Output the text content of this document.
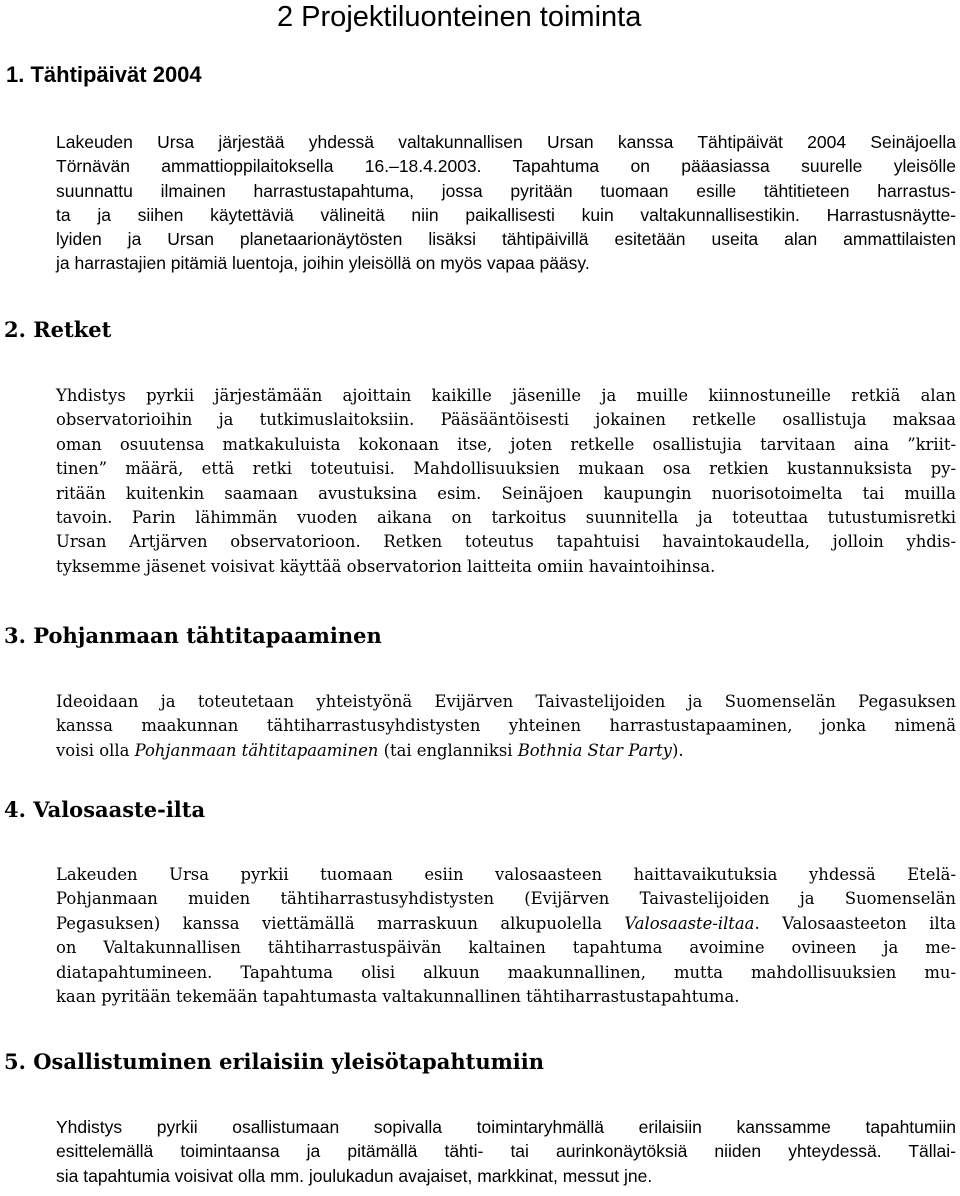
2 Projektiluonteinen toiminta
1. Tähtipäivät 2004
Lakeuden Ursa järjestää yhdessä valtakunnallisen Ursan kanssa Tähtipäivät 2004 Seinäjoella
Törnävän ammattioppilaitoksella 16.–18.4.2003. Tapahtuma on pääasiassa suurelle yleisölle
suunnattu ilmainen harrastustapahtuma, jossa pyritään tuomaan esille tähtitieteen harrastus-
ta ja siihen käytettäviä välineitä niin paikallisesti kuin valtakunnallisestikin. Harrastusnäytte-
lyiden ja Ursan planetaarionäytösten lisäksi tähtipäivillä esitetään useita alan ammattilaisten
ja harrastajien pitämiä luentoja, joihin yleisöllä on myös vapaa pääsy.
2. Retket
Yhdistys pyrkii järjestämään ajoittain kaikille jäsenille ja muille kiinnostuneille retkiä alan
observatorioihin ja tutkimuslaitoksiin. Pääsääntöisesti jokainen retkelle osallistuja maksaa
oman osuutensa matkakuluista kokonaan itse, joten retkelle osallistujia tarvitaan aina ”kriit-
tinen” määrä, että retki toteutuisi. Mahdollisuuksien mukaan osa retkien kustannuksista py-
ritään kuitenkin saamaan avustuksina esim. Seinäjoen kaupungin nuorisotoimelta tai muilla
tavoin. Parin lähimmän vuoden aikana on tarkoitus suunnitella ja toteuttaa tutustumisretki
Ursan Artjärven observatorioon. Retken toteutus tapahtuisi havaintokaudella, jolloin yhdis-
tyksemme jäsenet voisivat käyttää observatorion laitteita omiin havaintoihinsa.
3. Pohjanmaan tähtitapaaminen
Ideoidaan ja toteutetaan yhteistyönä Evijärven Taivastelijoiden ja Suomenselän Pegasuksen
kanssa maakunnan tähtiharrastusyhdistysten yhteinen harrastustapaaminen, jonka nimenä
voisi olla Pohjanmaan tähtitapaaminen (tai englanniksi Bothnia Star Party).
4. Valosaaste-ilta
Lakeuden Ursa pyrkii tuomaan esiin valosaasteen haittavaikutuksia yhdessä Etelä-
Pohjanmaan muiden tähtiharrastusyhdistysten (Evijärven Taivastelijoiden ja Suomenselän
Pegasuksen) kanssa viettämällä marraskuun alkupuolella Valosaaste-iltaa. Valosaasteeton ilta
on Valtakunnallisen tähtiharrastuspäivän kaltainen tapahtuma avoimine ovineen ja me-
diatapahtumineen. Tapahtuma olisi alkuun maakunnallinen, mutta mahdollisuuksien mu-
kaan pyritään tekemään tapahtumasta valtakunnallinen tähtiharrastustapahtuma.
5. Osallistuminen erilaisiin yleisötapahtumiin
Yhdistys pyrkii osallistumaan sopivalla toimintaryhmällä erilaisiin kanssamme tapahtumiin
esittelemällä toimintaansa ja pitämällä tähti- tai aurinkonäytöksiä niiden yhteydessä. Tällai-
sia tapahtumia voisivat olla mm. joulukadun avajaiset, markkinat, messut jne.
